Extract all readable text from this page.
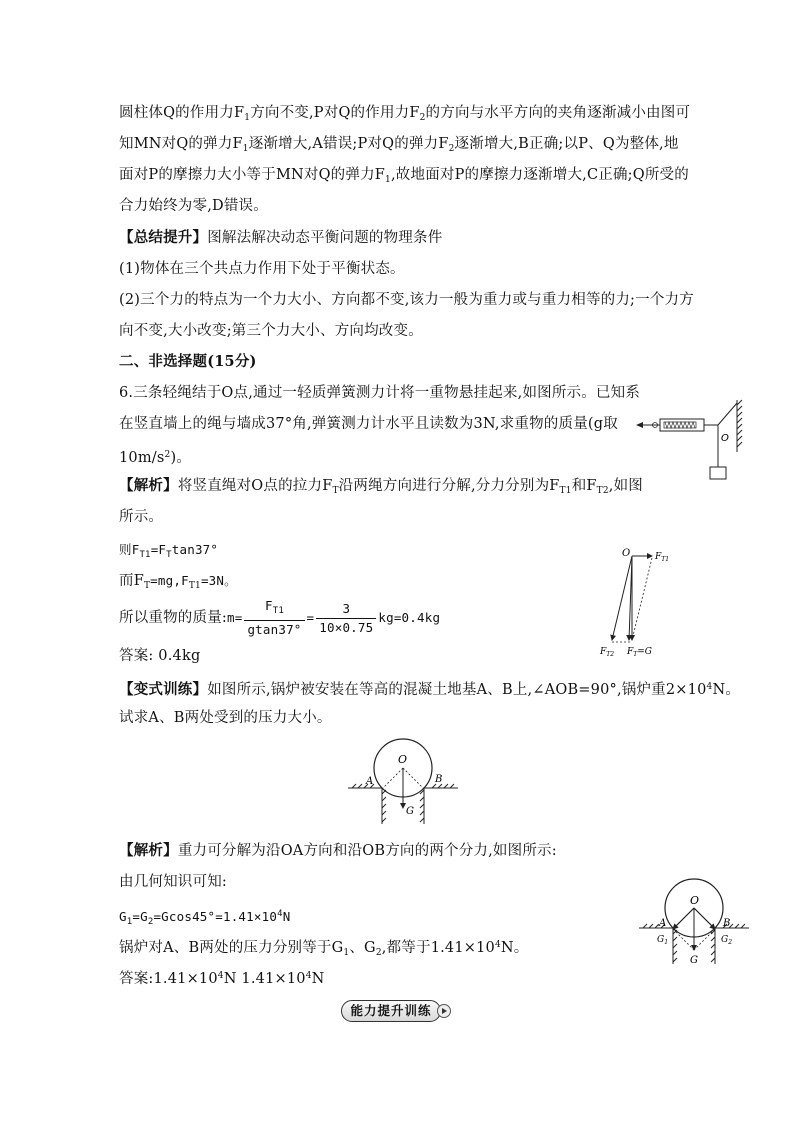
圆柱体Q的作用力$F_1$方向不变,P对Q的作用力$F_2$的方向与水平方向的夹角逐渐减小由图可
知MN对Q的弹力$F_1$逐渐增大,A错误;P对Q的弹力$F_2$逐渐增大,B正确;以P、Q为整体,地
面对P的摩擦力大小等于MN对Q的弹力$F_1$,故地面对P的摩擦力逐渐增大,C正确;Q所受的
合力始终为零,D错误。
【总结提升】图解法解决动态平衡问题的物理条件
(1)物体在三个共点力作用下处于平衡状态。
(2)三个力的特点为一个力大小、方向都不变,该力一般为重力或与重力相等的力;一个力方
向不变,大小改变;第三个力大小、方向均改变。
二、非选择题(15分)
6.三条轻绳结于O点,通过一轻质弹簧测力计将一重物悬挂起来,如图所示。已知系
在竖直墙上的绳与墙成37°角,弹簧测力计水平且读数为3N,求重物的质量(g取
$10m/s^2$)。
O
【解析】将竖直绳对O点的拉力$F_T$沿两绳方向进行分解,分力分别为$F_{T1}$和$F_{T2}$,如图
所示。
则$F_{T1}=F_T\tan 37^\circ$
而$F_T=mg,F_{T1}=3N$。
所以重物的质量:m= $\frac{F_{T1}}{gtan37^\circ} = \frac{3}{10\times 0.75} kg=0.4kg$
答案: 0.4kg
O	$F_{T1}$
$F_{T2}$ $F_T=G$
【变式训练】如图所示,锅炉被安装在等高的混凝土地基A、B上,∠AOB=90°,锅炉重$2\times 10^4N$。
试求A、B两处受到的压力大小。
O
A	B
G
【解析】重力可分解为沿OA方向和沿OB方向的两个分力,如图所示:
由几何知识可知:
$G_1=G_2=Gcos45^\circ=1.41\times 10^4N$
锅炉对A、B两处的压力分别等于$G_1$、$G_2$,都等于$1.41\times 10^4N$。
答案$:1.41\times 10^4N$ $1.41\times 10^4N$
O
A	B
$G_1$	$G_2$
G
能力提升训练
